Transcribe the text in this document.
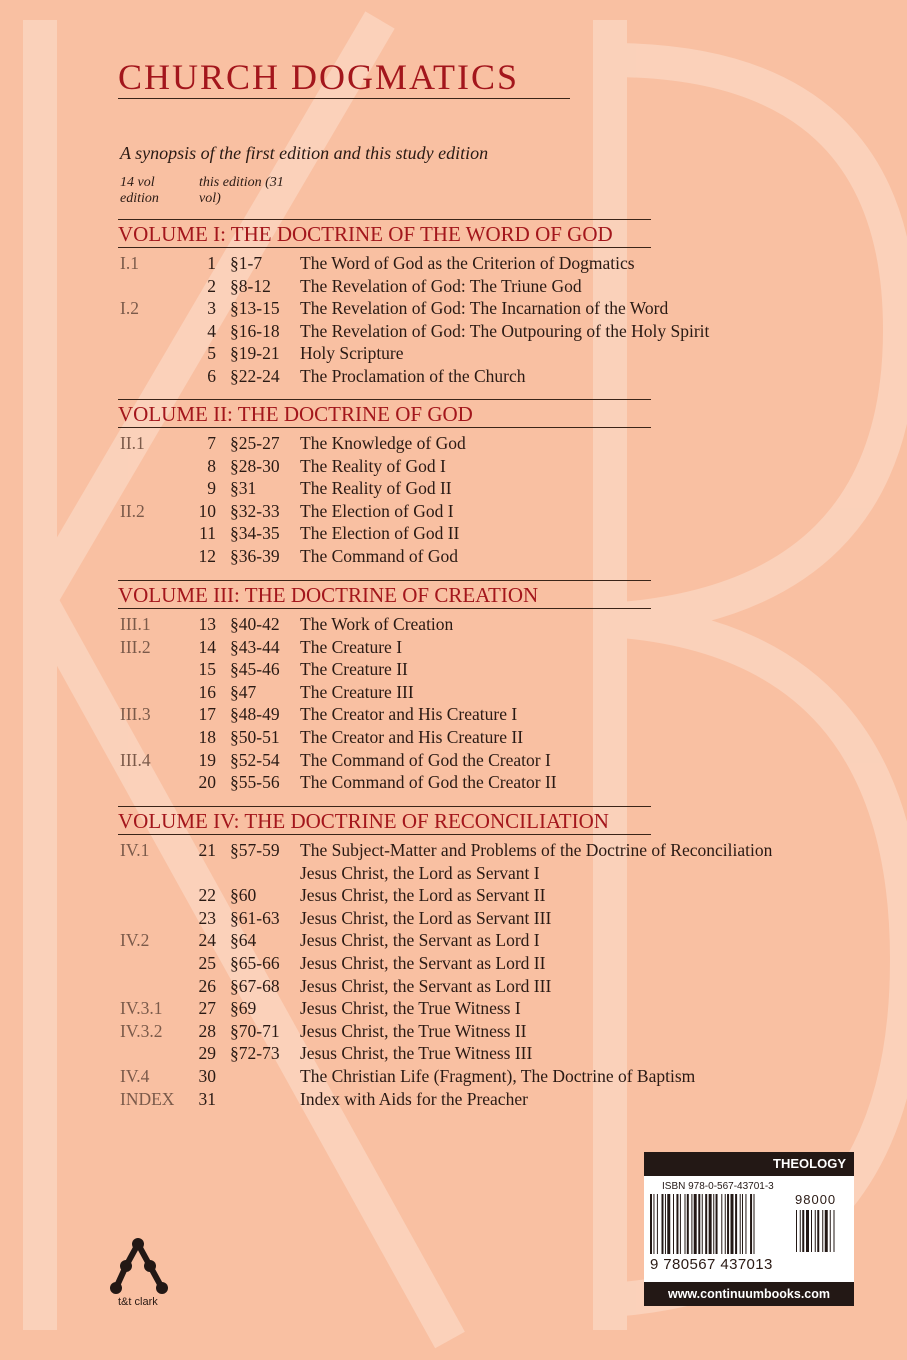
CHURCH DOGMATICS
A synopsis of the first edition and this study edition
14 vol edition
this edition (31 vol)
VOLUME I: THE DOCTRINE OF THE WORD OF GOD
I.1	1 §1-7 The Word of God as the Criterion of Dogmatics
2 §8-12 The Revelation of God: The Triune God
I.2	3 §13-15 The Revelation of God: The Incarnation of the Word
4 §16-18 The Revelation of God: The Outpouring of the Holy Spirit
5 §19-21 Holy Scripture
6 §22-24 The Proclamation of the Church
VOLUME II: THE DOCTRINE OF GOD
II.1	7 §25-27 The Knowledge of God
8 §28-30 The Reality of God I
9 §31	The Reality of God II
II.2	10 §32-33 The Election of God I
11 §34-35 The Election of God II
12 §36-39 The Command of God
VOLUME III: THE DOCTRINE OF CREATION
III.1	13 §40-42 The Work of Creation
III.2	14 §43-44 The Creature I
15 §45-46 The Creature II
16 §47	The Creature III
III.3	17 §48-49 The Creator and His Creature I
18 §50-51 The Creator and His Creature II
III.4	19 §52-54 The Command of God the Creator I
20 §55-56 The Command of God the Creator II
VOLUME IV: THE DOCTRINE OF RECONCILIATION
IV.1	21 §57-59 The Subject-Matter and Problems of the Doctrine of Reconciliation
Jesus Christ, the Lord as Servant I
22 §60	Jesus Christ, the Lord as Servant II
23 §61-63 Jesus Christ, the Lord as Servant III
IV.2	24 §64	Jesus Christ, the Servant as Lord I
25 §65-66 Jesus Christ, the Servant as Lord II
26 §67-68 Jesus Christ, the Servant as Lord III
IV.3.1	27 §69	Jesus Christ, the True Witness I
IV.3.2	28 §70-71 Jesus Christ, the True Witness II
29 §72-73 Jesus Christ, the True Witness III
IV.4	30	The Christian Life (Fragment), The Doctrine of Baptism
INDEX	31	Index with Aids for the Preacher
THEOLOGY
ISBN 978-0-567-43701-3
98000
9 780567 437013
www.continuumbooks.com
t&t clark
